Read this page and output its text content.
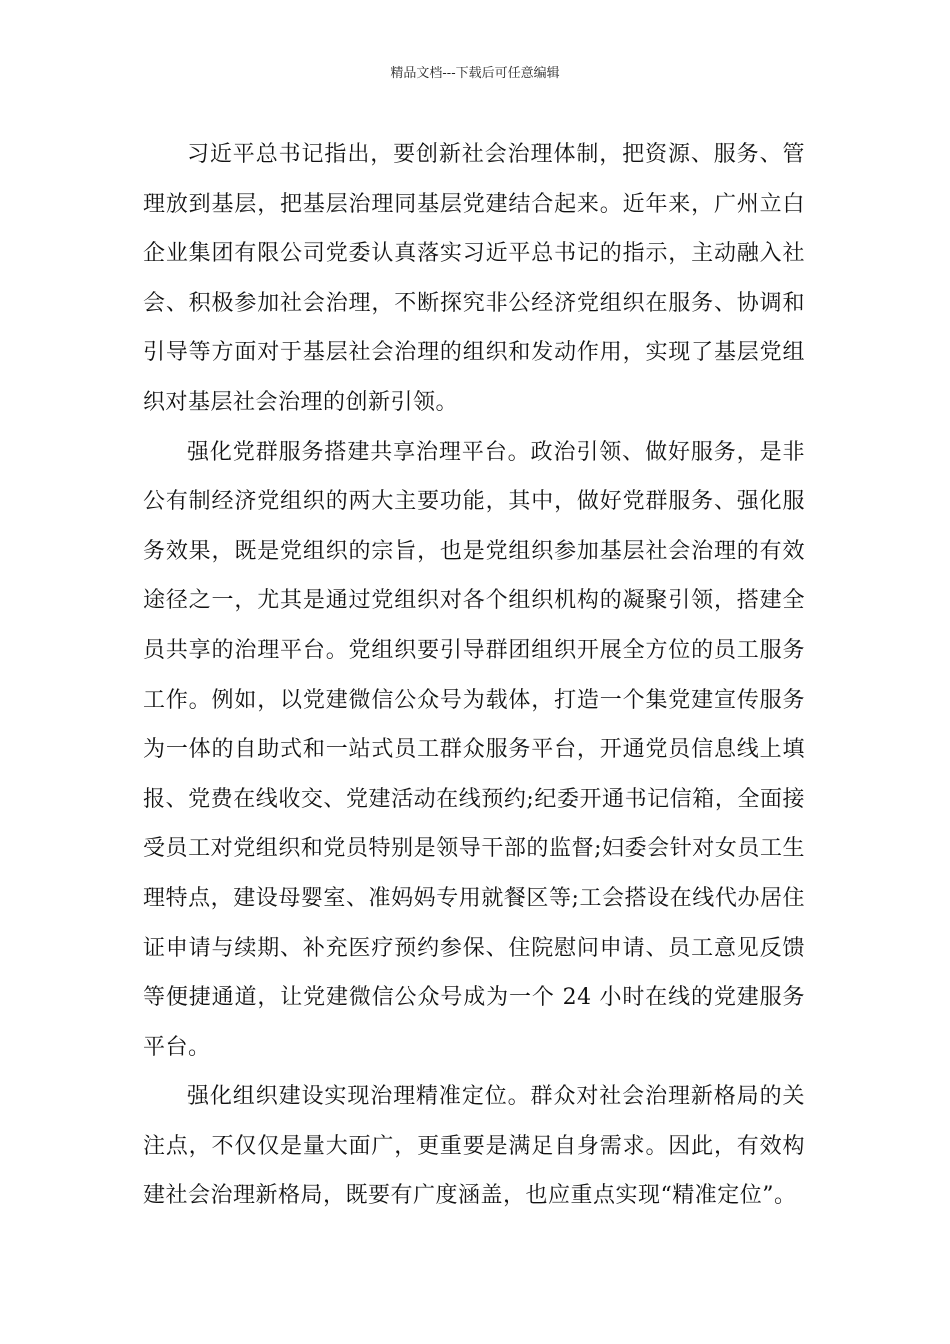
精品文档---下载后可任意编辑

习近平总书记指出，要创新社会治理体制，把资源、服务、管理放到基层，把基层治理同基层党建结合起来。近年来，广州立白企业集团有限公司党委认真落实习近平总书记的指示，主动融入社会、积极参加社会治理，不断探究非公经济党组织在服务、协调和引导等方面对于基层社会治理的组织和发动作用，实现了基层党组织对基层社会治理的创新引领。

强化党群服务搭建共享治理平台。政治引领、做好服务，是非公有制经济党组织的两大主要功能，其中，做好党群服务、强化服务效果，既是党组织的宗旨，也是党组织参加基层社会治理的有效途径之一，尤其是通过党组织对各个组织机构的凝聚引领，搭建全员共享的治理平台。党组织要引导群团组织开展全方位的员工服务工作。例如，以党建微信公众号为载体，打造一个集党建宣传服务为一体的自助式和一站式员工群众服务平台，开通党员信息线上填报、党费在线收交、党建活动在线预约;纪委开通书记信箱，全面接受员工对党组织和党员特别是领导干部的监督;妇委会针对女员工生理特点，建设母婴室、准妈妈专用就餐区等;工会搭设在线代办居住证申请与续期、补充医疗预约参保、住院慰问申请、员工意见反馈等便捷通道，让党建微信公众号成为一个 24 小时在线的党建服务平台。

强化组织建设实现治理精准定位。群众对社会治理新格局的关注点，不仅仅是量大面广，更重要是满足自身需求。因此，有效构建社会治理新格局，既要有广度涵盖，也应重点实现“精准定位”。
